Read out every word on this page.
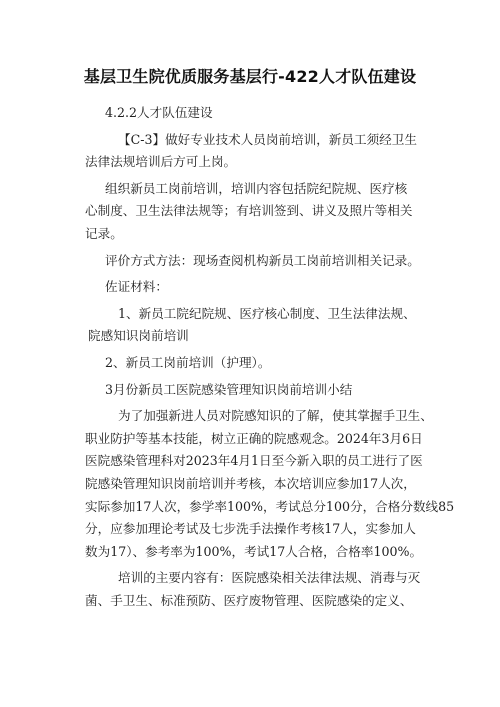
基层卫生院优质服务基层行-422人才队伍建设
4.2.2人才队伍建设
【C-3】做好专业技术人员岗前培训，新员工须经卫生
法律法规培训后方可上岗。
组织新员工岗前培训，培训内容包括院纪院规、医疗核
心制度、卫生法律法规等；有培训签到、讲义及照片等相关
记录。
评价方式方法：现场查阅机构新员工岗前培训相关记录。
佐证材料：
1、新员工院纪院规、医疗核心制度、卫生法律法规、
院感知识岗前培训
2、新员工岗前培训（护理）。
3月份新员工医院感染管理知识岗前培训小结
为了加强新进人员对院感知识的了解，使其掌握手卫生、
职业防护等基本技能，树立正确的院感观念。2024年3月6日
医院感染管理科对2023年4月1日至今新入职的员工进行了医
院感染管理知识岗前培训并考核，本次培训应参加17人次，
实际参加17人次，参学率100%，考试总分100分，合格分数线85
分，应参加理论考试及七步洗手法操作考核17人，实参加人
数为17）、参考率为100%，考试17人合格，合格率100%。
培训的主要内容有：医院感染相关法律法规、消毒与灭
菌、手卫生、标准预防、医疗废物管理、医院感染的定义、
